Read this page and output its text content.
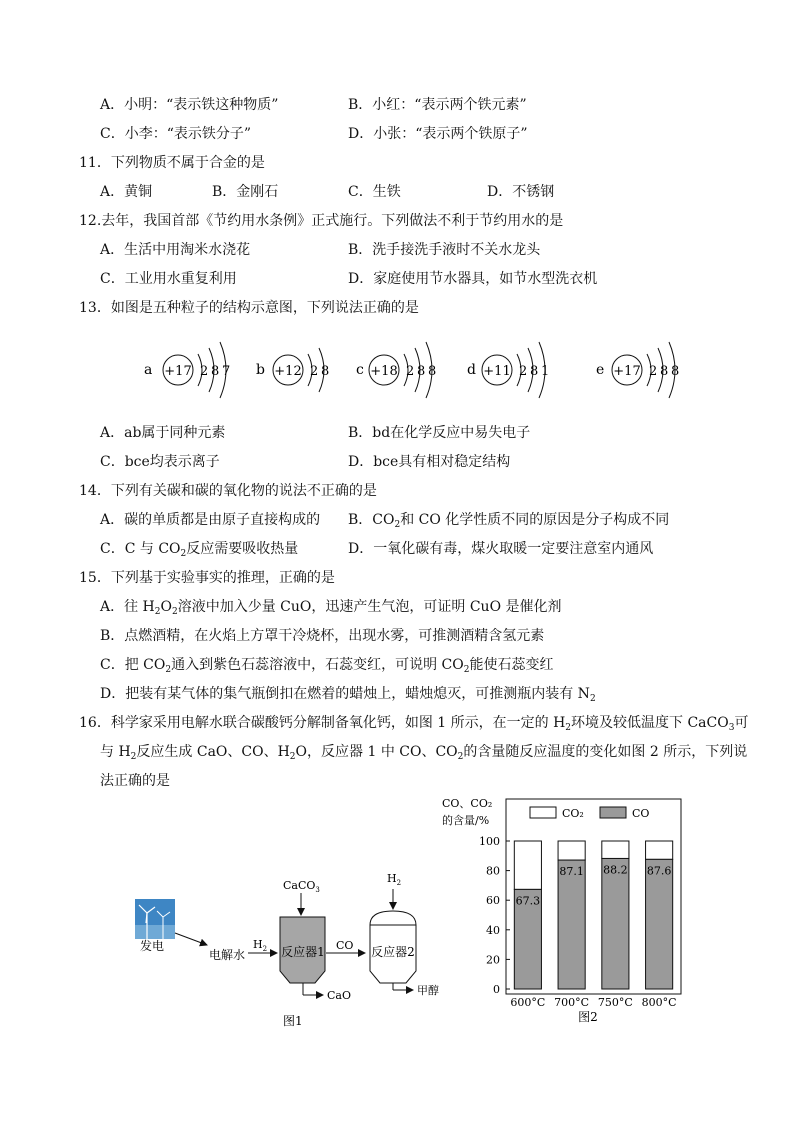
A．小明：“表示铁这种物质”	B．小红：“表示两个铁元素”
C．小李：“表示铁分子”	D．小张：“表示两个铁原子”
11．下列物质不属于合金的是
A．黄铜	B．金刚石	C．生铁	D．不锈钢
12.去年，我国首部《节约用水条例》正式施行。下列做法不利于节约用水的是
A．生活中用淘米水浇花	B．洗手接洗手液时不关水龙头
C．工业用水重复利用	D．家庭使用节水器具，如节水型洗衣机
13．如图是五种粒子的结构示意图，下列说法正确的是
a +17 2 8 7 b +12 2 8 c +18 2 8 8 d +11 2 8 1	e +17 2 8 8
A．ab属于同种元素	B．bd在化学反应中易失电子
C．bce均表示离子	D．bce具有相对稳定结构
14．下列有关碳和碳的氧化物的说法不正确的是
A．碳的单质都是由原子直接构成的 B．$CO_2$和 CO 化学性质不同的原因是分子构成不同
C．C 与 $CO_2$反应需要吸收热量	D．一氧化碳有毒，煤火取暖一定要注意室内通风
15．下列基于实验事实的推理，正确的是
A．往 $H_2O_2$溶液中加入少量 CuO，迅速产生气泡，可证明 CuO 是催化剂
B．点燃酒精，在火焰上方罩干冷烧杯，出现水雾，可推测酒精含氢元素
C．把 $CO_2$通入到紫色石蕊溶液中，石蕊变红，可说明 $CO_2$能使石蕊变红
D．把装有某气体的集气瓶倒扣在燃着的蜡烛上，蜡烛熄灭，可推测瓶内装有 $N_2$
16．科学家采用电解水联合碳酸钙分解制备氧化钙，如图 1 所示，在一定的 $H_2$环境及较低温度下 CaCO$_3$可
与 $H_2$反应生成 CaO、CO、$H_2O$，反应器 1 中 CO、$CO_2$的含量随反应温度的变化如图 2 所示，下列说
法正确的是
发电
电解水
$H_2$
CaCO$_3$
反应器1
CaO
CO
$H_2$
反应器2
甲醇
图1
CO、CO₂
的含量/%
CO₂	CO
0
20
40
60
80
100
67.3
87.1 88.2 87.6
600°C 700°C 750°C 800°C
图2
